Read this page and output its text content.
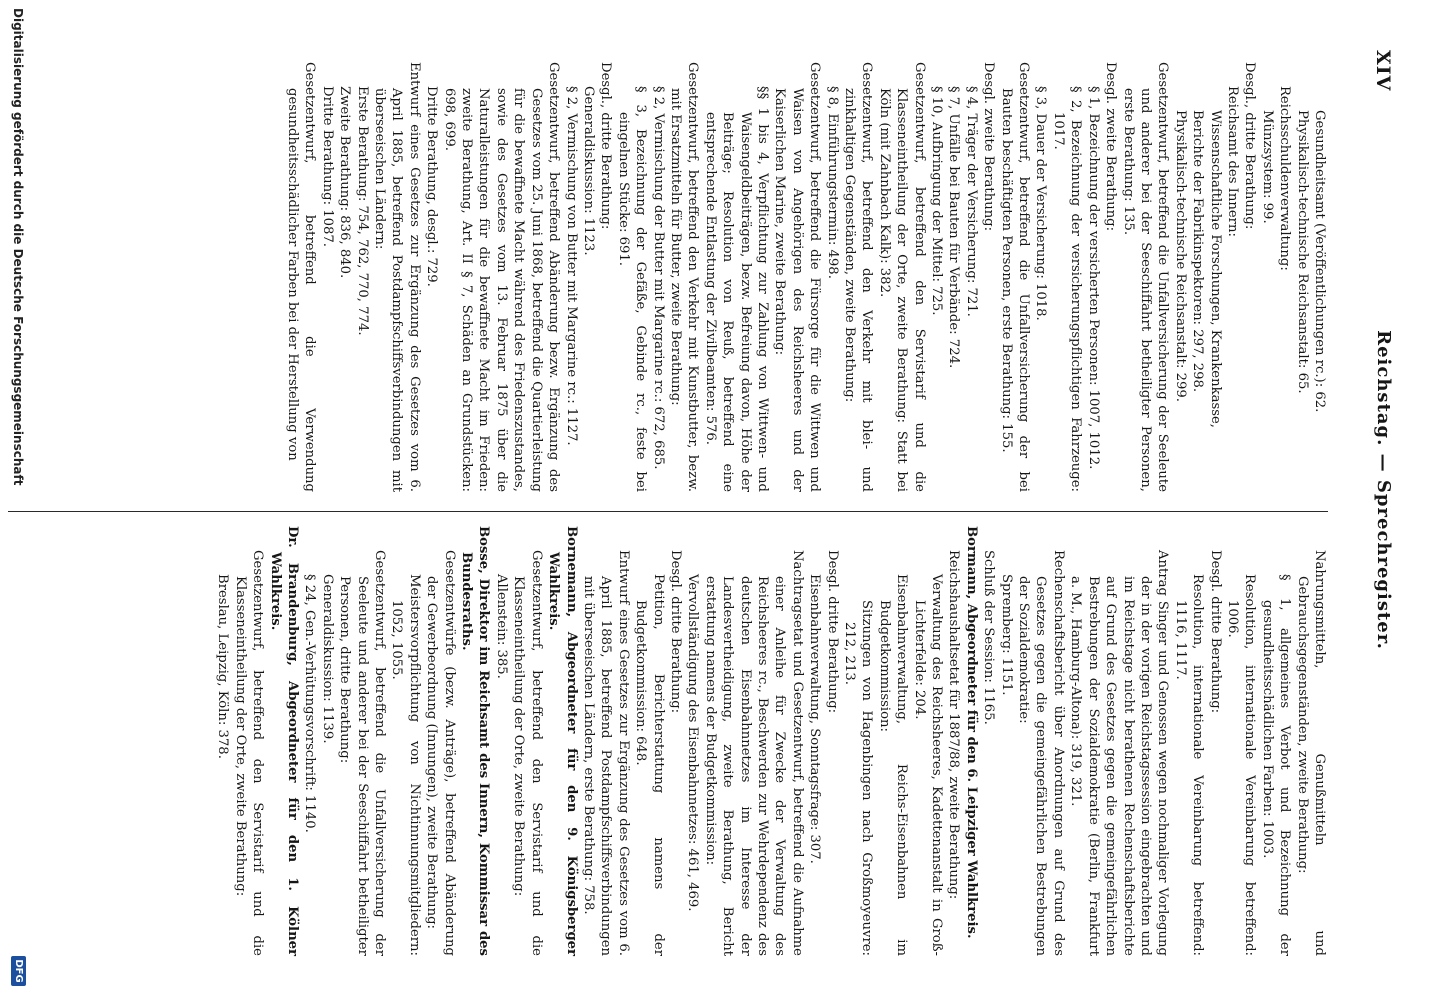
XIV
Reichstag. — Sprechregister.
Gesundheitsamt (Veröffentlichungen rc.): 62.
Physikalisch-technische Reichsanstalt: 65.
Reichsschuldenverwaltung:
Münzsystem: 99.
Desgl., dritte Berathung:
Reichsamt des Innern:
Wissenschaftliche Forschungen, Krankenkasse,
Berichte der Fabrikinspektoren: 297, 298.
Physikalisch-technische Reichsanstalt: 299.
Gesetzentwurf, betreffend die Unfallversicherung der Seeleute und anderer bei der Seeschiffahrt betheiligter Personen, erste Berathung: 135.
Desgl. zweite Berathung:
§ 1, Bezeichnung der versicherten Personen: 1007, 1012.
§ 2, Bezeichnung der versicherungspflichtigen Fahrzeuge: 1017.
§ 3, Dauer der Versicherung: 1018.
Gesetzentwurf, betreffend die Unfallversicherung der bei Bauten beschäftigten Personen, erste Berathung: 155.
Desgl. zweite Berathung:
§ 4, Träger der Versicherung: 721.
§ 7, Unfälle bei Bauten für Verbände: 724.
§ 10, Aufbringung der Mittel: 725.
Gesetzentwurf, betreffend den Servistarif und die Klasseneintheilung der Orte, zweite Berathung: Statt bei Köln (mit Zahnbach Kalk): 382.
Gesetzentwurf, betreffend den Verkehr mit blei- und zinkhaltigen Gegenständen, zweite Berathung:
§ 8, Einführungstermin: 498.
Gesetzentwurf, betreffend die Fürsorge für die Wittwen und Waisen von Angehörigen des Reichsheeres und der Kaiserlichen Marine, zweite Berathung:
§§ 1 bis 4, Verpflichtung zur Zahlung von Wittwen- und Waisengeldbeiträgen, bezw. Befreiung davon, Höhe der Beiträge; Resolution von Reuß, betreffend eine entsprechende Entlastung der Zivilbeamten: 576.
Gesetzentwurf, betreffend den Verkehr mit Kunstbutter, bezw. mit Ersatzmitteln für Butter, zweite Berathung:
§ 2, Vermischung der Butter mit Margarine rc.: 672, 685.
§ 3, Bezeichnung der Gefäße, Gebinde rc., feste bei eingelnen Stücke: 691.
Desgl., dritte Berathung:
Generaldiskussion: 1123.
§ 2, Vermischung von Butter mit Margarine rc.: 1127.
Gesetzentwurf, betreffend Abänderung bezw. Ergänzung des Gesetzes vom 25. Juni 1868, betreffend die Quartierleistung für die bewaffnete Macht während des Friedenszustandes, sowie des Gesetzes vom 13. Februar 1875 über die Naturalleistungen für die bewaffnete Macht im Frieden: zweite Berathung, Art. II § 7, Schäden an Grundstücken: 698, 699.
Dritte Berathung, desgl.: 729.
Entwurf eines Gesetzes zur Ergänzung des Gesetzes vom 6. April 1885, betreffend Postdampfschiffsverbindungen mit überseeischen Ländern:
Erste Berathung: 754, 762, 770, 774.
Zweite Berathung: 836, 840.
Dritte Berathung: 1087.
Gesetzentwurf, betreffend die Verwendung gesundheitsschädlicher Farben bei der Herstellung von
Nahrungsmitteln, Genußmitteln und Gebrauchsgegenständen, zweite Berathung:
§ 1, allgemeines Verbot und Bezeichnung der gesundheitsschädlichen Farben: 1003.
Resolution, internationale Vereinbarung betreffend: 1006.
Desgl. dritte Berathung:
Resolution, internationale Vereinbarung betreffend: 1116, 1117.
Antrag Singer und Genossen wegen nochmaliger Vorlegung der in der vorigen Reichstagssession eingebrachten und im Reichstage nicht berathenen Rechenschaftsberichte auf Grund des Gesetzes gegen die gemeingefährlichen Bestrebungen der Sozialdemokratie (Berlin, Frankfurt a. M., Hamburg-Altona): 319, 321.
Rechenschaftsbericht über Anordnungen auf Grund des Gesetzes gegen die gemeingefährlichen Bestrebungen der Sozialdemokratie:
Spremberg: 1151.
Schluß der Session: 1165.
Bormann, Abgeordneter für den 6. Leipziger Wahlkreis.
Reichshaushaltsetat für 1887/88, zweite Berathung:
Verwaltung des Reichsheeres, Kadettenanstalt in Groß-Lichterfelde: 204.
Eisenbahnverwaltung, Reichs-Eisenbahnen im Budgetkommission:
Sitzungen von Hagenbingen nach Großmoyeuvre: 212, 213.
Desgl. dritte Berathung:
Eisenbahnverwaltung, Sonntagsfrage: 307.
Nachtragsetat und Gesetzentwurf, betreffend die Aufnahme einer Anleihe für Zwecke der Verwaltung des Reichsheeres rc., Beschwerden zur Wehrdependenz des deutschen Eisenbahnnetzes im Interesse der Landesvertheidigung, zweite Berathung, Bericht erstattung namens der Budgetkommission:
Vervollständigung des Eisenbahnnetzes: 461, 469.
Desgl. dritte Berathung:
Petition, Berichterstattung namens der Budgetkommission: 648.
Entwurf eines Gesetzes zur Ergänzung des Gesetzes vom 6. April 1885, betreffend Postdampfschiffsverbindungen mit überseeischen Ländern, erste Berathung: 758.
Bornemann, Abgeordneter für den 9. Königsberger Wahlkreis.
Gesetzentwurf, betreffend den Servistarif und die Klasseneintheilung der Orte, zweite Berathung:
Allenstein: 385.
Bosse, Direktor im Reichsamt des Innern, Kommissar des Bundesraths.
Gesetzentwürfe (bezw. Anträge), betreffend Abänderung der Gewerbeordnung (Innungen), zweite Berathung:
Meistersvorpflichtung von Nichtinnungsmitgliedern: 1052, 1055.
Gesetzentwurf, betreffend die Unfallversicherung der Seeleute und anderer bei der Seeschiffahrt betheiligter Personen, dritte Berathung:
Generaldiskussion: 1139.
§ 24, Gen.-Verhütungsvorschrift: 1140.
Dr. Brandenburg, Abgeordneter für den 1. Kölner Wahlkreis.
Gesetzentwurf, betreffend den Servistarif und die Klasseneintheilung der Orte, zweite Berathung:
Breslau, Leipzig, Köln: 378.
Digitalisierung gefördert durch die Deutsche Forschungsgemeinschaft
DFG
